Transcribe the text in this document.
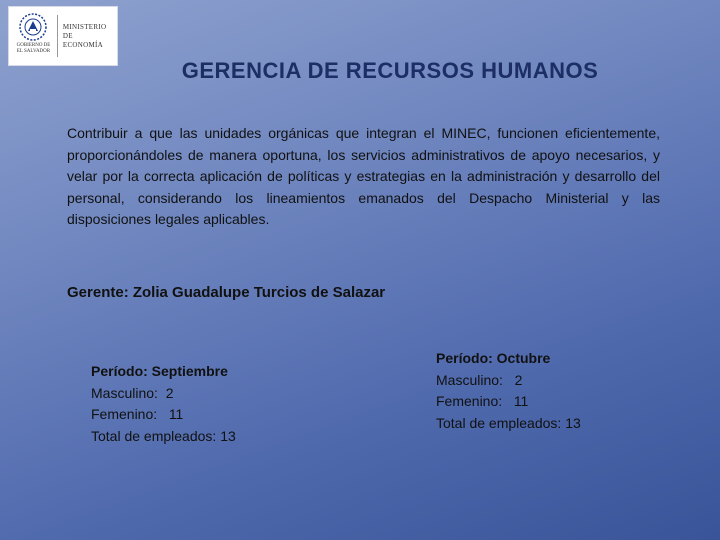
GOBIERNO DE
EL SALVADOR
MINISTERIO
DE ECONOMÍA
GERENCIA DE RECURSOS HUMANOS

Contribuir a que las unidades orgánicas que integran el MINEC, funcionen eficientemente, proporcionándoles de manera oportuna, los servicios administrativos de apoyo necesarios, y velar por la correcta aplicación de políticas y estrategias en la administración y desarrollo del personal, considerando los lineamientos emanados del Despacho Ministerial y las disposiciones legales aplicables.

Gerente: Zolia Guadalupe Turcios de Salazar

Período: Septiembre
Masculino:  2
Femenino:   11
Total de empleados: 13
Período: Octubre
Masculino:   2
Femenino:   11
Total de empleados: 13
